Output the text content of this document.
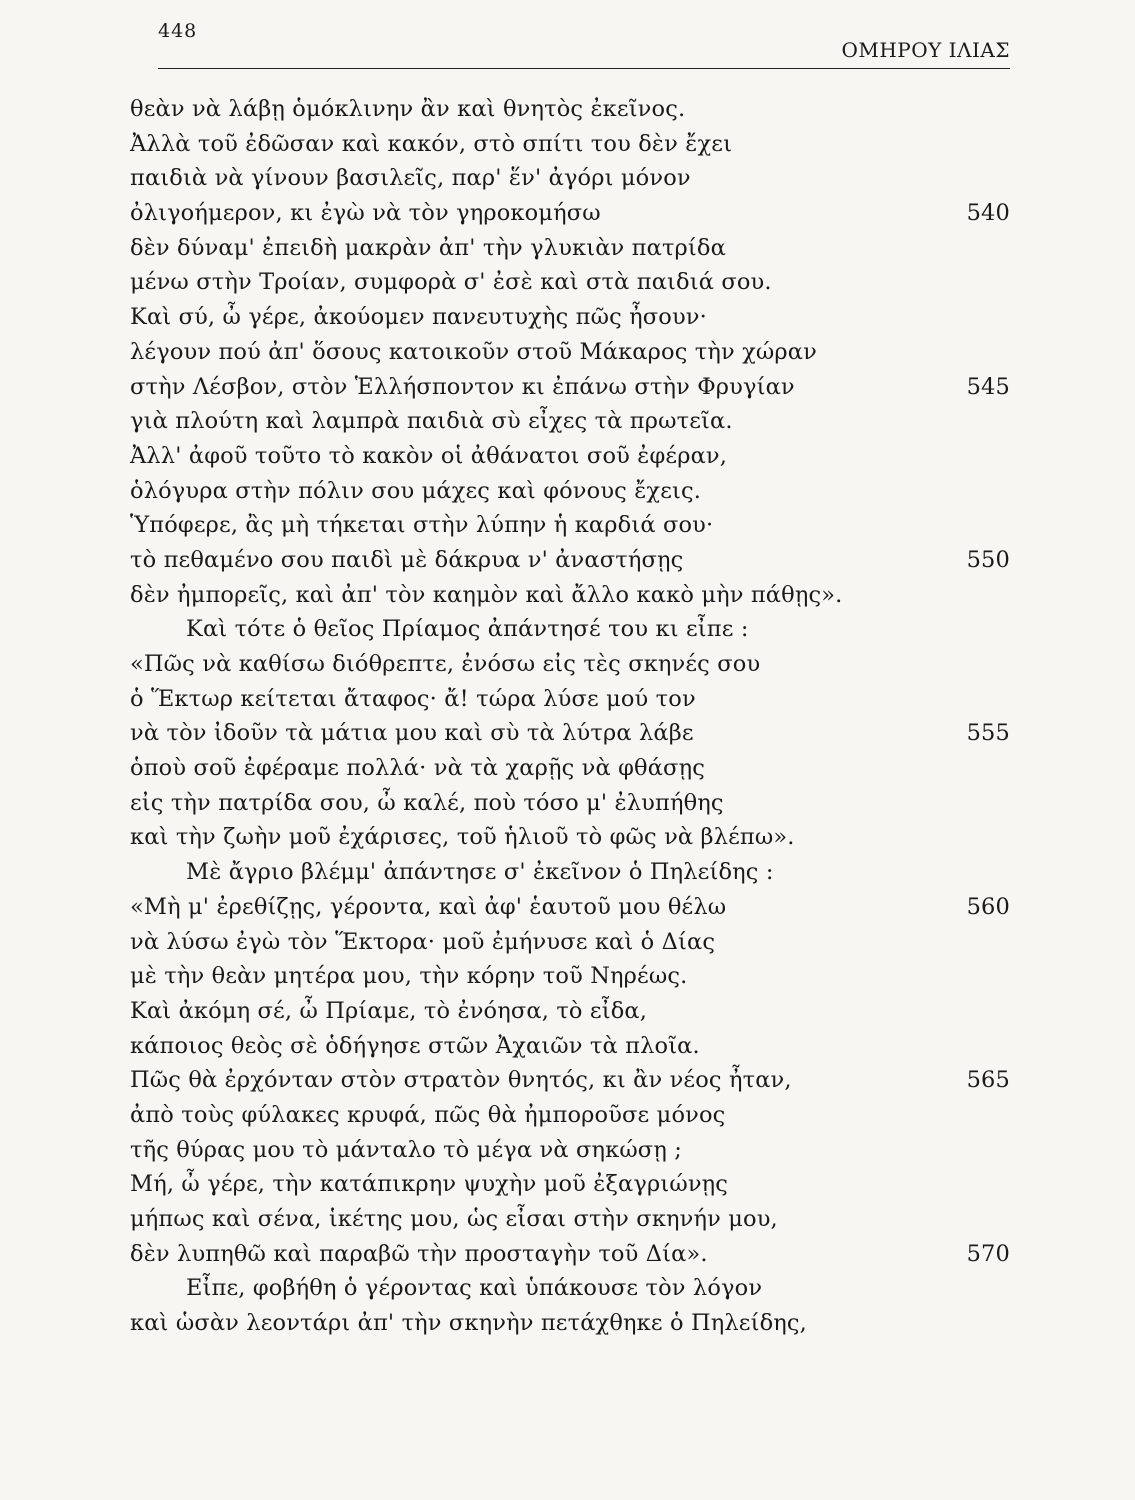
448
ΟΜΗΡΟΥ ΙΛΙΑΣ
θεὰν νὰ λάβῃ ὁμόκλινην ἂν καὶ θνητὸς ἐκεῖνος.
Ἀλλὰ τοῦ ἐδῶσαν καὶ κακόν, στὸ σπίτι του δὲν ἔχει
παιδιὰ νὰ γίνουν βασιλεῖς, παρ' ἕν' ἀγόρι μόνον
ὀλιγοήμερον, κι ἐγὼ νὰ τὸν γηροκομήσω	540
δὲν δύναμ' ἐπειδὴ μακρὰν ἀπ' τὴν γλυκιὰν πατρίδα
μένω στὴν Τροίαν, συμφορὰ σ' ἐσὲ καὶ στὰ παιδιά σου.
Καὶ σύ, ὦ γέρε, ἀκούομεν πανευτυχὴς πῶς ἦσουν·
λέγουν πού ἀπ' ὅσους κατοικοῦν στοῦ Μάκαρος τὴν χώραν
στὴν Λέσβον, στὸν Ἑλλήσποντον κι ἐπάνω στὴν Φρυγίαν	545
γιὰ πλούτη καὶ λαμπρὰ παιδιὰ σὺ εἶχες τὰ πρωτεῖα.
Ἀλλ' ἀφοῦ τοῦτο τὸ κακὸν οἱ ἀθάνατοι σοῦ ἐφέραν,
ὁλόγυρα στὴν πόλιν σου μάχες καὶ φόνους ἔχεις.
Ὑπόφερε, ἂς μὴ τήκεται στὴν λύπην ἡ καρδιά σου·
τὸ πεθαμένο σου παιδὶ μὲ δάκρυα ν' ἀναστήσῃς	550
δὲν ἠμπορεῖς, καὶ ἀπ' τὸν καημὸν καὶ ἄλλο κακὸ μὴν πάθῃς».
Καὶ τότε ὁ θεῖος Πρίαμος ἀπάντησέ του κι εἶπε :
«Πῶς νὰ καθίσω διόθρεπτε, ἐνόσω εἰς τὲς σκηνές σου
ὁ Ἕκτωρ κείτεται ἄταφος· ἄ! τώρα λύσε μού τον
νὰ τὸν ἰδοῦν τὰ μάτια μου καὶ σὺ τὰ λύτρα λάβε	555
ὁποὺ σοῦ ἐφέραμε πολλά· νὰ τὰ χαρῇς νὰ φθάσῃς
εἰς τὴν πατρίδα σου, ὦ καλέ, ποὺ τόσο μ' ἐλυπήθης
καὶ τὴν ζωὴν μοῦ ἐχάρισες, τοῦ ἡλιοῦ τὸ φῶς νὰ βλέπω».
Μὲ ἄγριο βλέμμ' ἀπάντησε σ' ἐκεῖνον ὁ Πηλείδης :
«Μὴ μ' ἐρεθίζῃς, γέροντα, καὶ ἀφ' ἑαυτοῦ μου θέλω	560
νὰ λύσω ἐγὼ τὸν Ἕκτορα· μοῦ ἐμήνυσε καὶ ὁ Δίας
μὲ τὴν θεὰν μητέρα μου, τὴν κόρην τοῦ Νηρέως.
Καὶ ἀκόμη σέ, ὦ Πρίαμε, τὸ ἐνόησα, τὸ εἶδα,
κάποιος θεὸς σὲ ὁδήγησε στῶν Ἀχαιῶν τὰ πλοῖα.
Πῶς θὰ ἐρχόνταν στὸν στρατὸν θνητός, κι ἂν νέος ἦταν,	565
ἀπὸ τοὺς φύλακες κρυφά, πῶς θὰ ἠμποροῦσε μόνος
τῆς θύρας μου τὸ μάνταλο τὸ μέγα νὰ σηκώσῃ ;
Μή, ὦ γέρε, τὴν κατάπικρην ψυχὴν μοῦ ἐξαγριώνῃς
μήπως καὶ σένα, ἱκέτης μου, ὡς εἶσαι στὴν σκηνήν μου,
δὲν λυπηθῶ καὶ παραβῶ τὴν προσταγὴν τοῦ Δία».	570
Εἶπε, φοβήθη ὁ γέροντας καὶ ὑπάκουσε τὸν λόγον
καὶ ὡσὰν λεοντάρι ἀπ' τὴν σκηνὴν πετάχθηκε ὁ Πηλείδης,
